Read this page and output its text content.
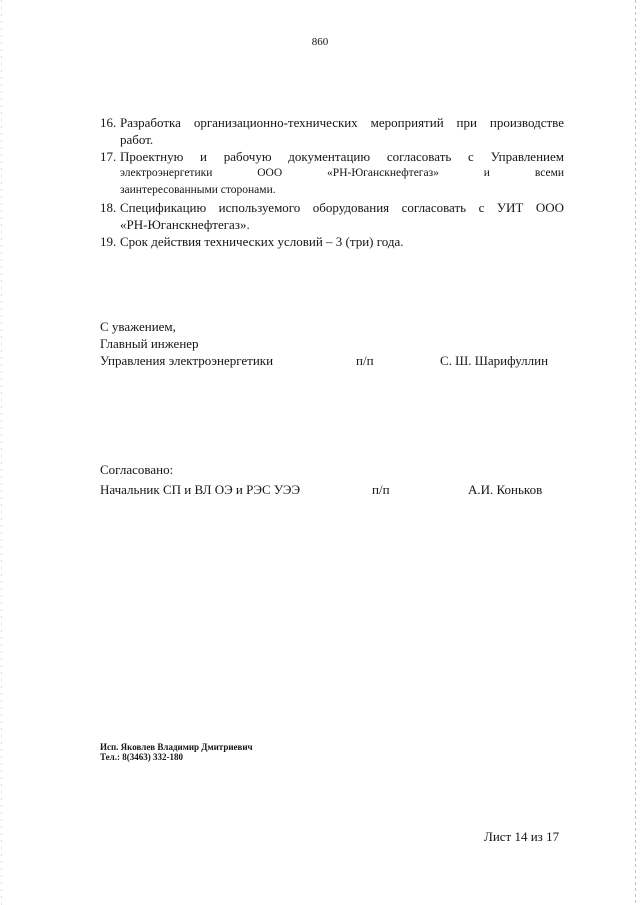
860
16. Разработка организационно-технических мероприятий при производстве
работ.
17. Проектную и рабочую документацию согласовать с Управлением
электроэнергетики ООО «РН-Юганскнефтегаз» и всеми
заинтересованными сторонами.
18. Спецификацию используемого оборудования согласовать с УИТ ООО
«РН-Юганскнефтегаз».
19. Срок действия технических условий – 3 (три) года.
С уважением,
Главный инженер
Управления электроэнергетики	п/п	С. Ш. Шарифуллин
Согласовано:
Начальник СП и ВЛ ОЭ и РЭС УЭЭ	п/п	А.И. Коньков
Исп. Яковлев Владимир Дмитриевич
Тел.: 8(3463) 332-180
Лист 14 из 17
